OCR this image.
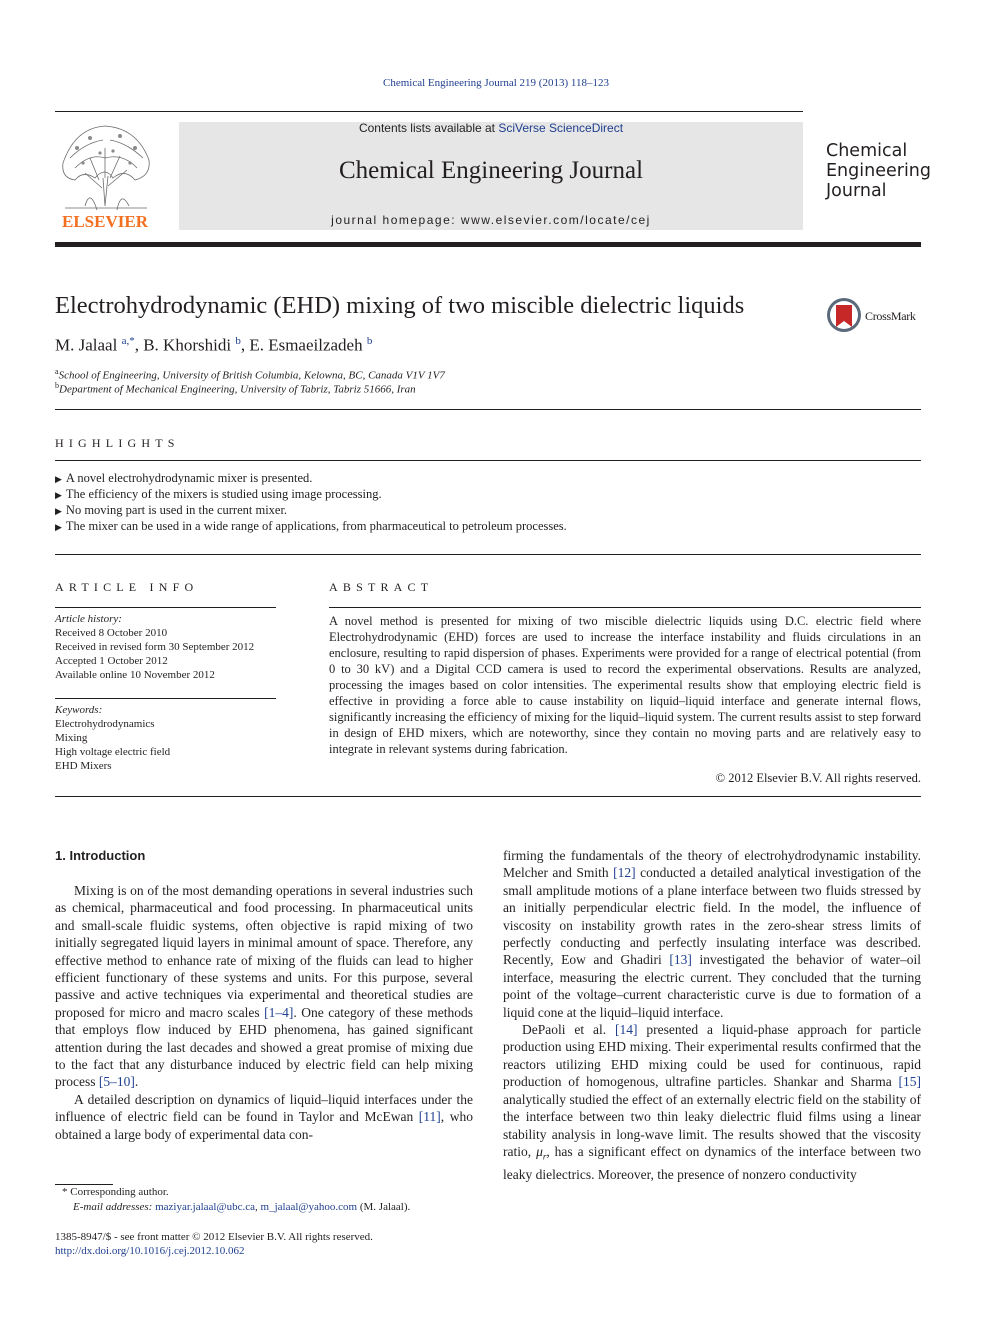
Chemical Engineering Journal 219 (2013) 118–123
ELSEVIER
Contents lists available at SciVerse ScienceDirect
Chemical Engineering Journal
journal homepage: www.elsevier.com/locate/cej
Chemical
Engineering
Journal
Electrohydrodynamic (EHD) mixing of two miscible dielectric liquids	CrossMark
M. Jalaal $^{a,*}$, B. Khorshidi $^b$, E. Esmaeilzadeh $^b$
$^a$School of Engineering, University of British Columbia, Kelowna, BC, Canada V1V 1V7
$^b$Department of Mechanical Engineering, University of Tabriz, Tabriz 51666, Iran
HIGHLIGHTS
▶ A novel electrohydrodynamic mixer is presented.
▶ The efficiency of the mixers is studied using image processing.
▶ No moving part is used in the current mixer.
▶ The mixer can be used in a wide range of applications, from pharmaceutical to petroleum processes.
ARTICLE INFO
Article history:
Received 8 October 2010
Received in revised form 30 September 2012
Accepted 1 October 2012
Available online 10 November 2012
Keywords:
Electrohydrodynamics
Mixing
High voltage electric field
EHD Mixers
ABSTRACT
A novel method is presented for mixing of two miscible dielectric liquids using D.C. electric field where Electrohydrodynamic (EHD) forces are used to increase the interface instability and fluids circulations in an enclosure, resulting to rapid dispersion of phases. Experiments were provided for a range of electrical potential (from 0 to 30 kV) and a Digital CCD camera is used to record the experimental observations. Results are analyzed, processing the images based on color intensities. The experimental results show that employing electric field is effective in providing a force able to cause instability on liquid–liquid interface and generate internal flows, significantly increasing the efficiency of mixing for the liquid–liquid system. The current results assist to step forward in design of EHD mixers, which are noteworthy, since they contain no moving parts and are relatively easy to integrate in relevant systems during fabrication.
© 2012 Elsevier B.V. All rights reserved.
1. Introduction

Mixing is on of the most demanding operations in several industries such as chemical, pharmaceutical and food processing. In pharmaceutical units and small-scale fluidic systems, often objective is rapid mixing of two initially segregated liquid layers in minimal amount of space. Therefore, any effective method to enhance rate of mixing of the fluids can lead to higher efficient functionary of these systems and units. For this purpose, several passive and active techniques via experimental and theoretical studies are proposed for micro and macro scales [1–4]. One category of these methods that employs flow induced by EHD phenomena, has gained significant attention during the last decades and showed a great promise of mixing due to the fact that any disturbance induced by electric field can help mixing process [5–10].

A detailed description on dynamics of liquid–liquid interfaces under the influence of electric field can be found in Taylor and McEwan [11], who obtained a large body of experimental data con-

firming the fundamentals of the theory of electrohydrodynamic instability. Melcher and Smith [12] conducted a detailed analytical investigation of the small amplitude motions of a plane interface between two fluids stressed by an initially perpendicular electric field. In the model, the influence of viscosity on instability growth rates in the zero-shear stress limits of perfectly conducting and perfectly insulating interface was described. Recently, Eow and Ghadiri [13] investigated the behavior of water–oil interface, measuring the electric current. They concluded that the turning point of the voltage–current characteristic curve is due to formation of a liquid cone at the liquid–liquid interface.

DePaoli et al. [14] presented a liquid-phase approach for particle production using EHD mixing. Their experimental results confirmed that the reactors utilizing EHD mixing could be used for continuous, rapid production of homogenous, ultrafine particles. Shankar and Sharma [15] analytically studied the effect of an externally electric field on the stability of the interface between two thin leaky dielectric fluid films using a linear stability analysis in long-wave limit. The results showed that the viscosity ratio, $\mu_r$, has a significant effect on dynamics of the interface between two leaky dielectrics. Moreover, the presence of nonzero conductivity

* Corresponding author.
E-mail addresses: maziyar.jalaal@ubc.ca, m_jalaal@yahoo.com (M. Jalaal).
1385-8947/$ - see front matter © 2012 Elsevier B.V. All rights reserved.
http://dx.doi.org/10.1016/j.cej.2012.10.062
